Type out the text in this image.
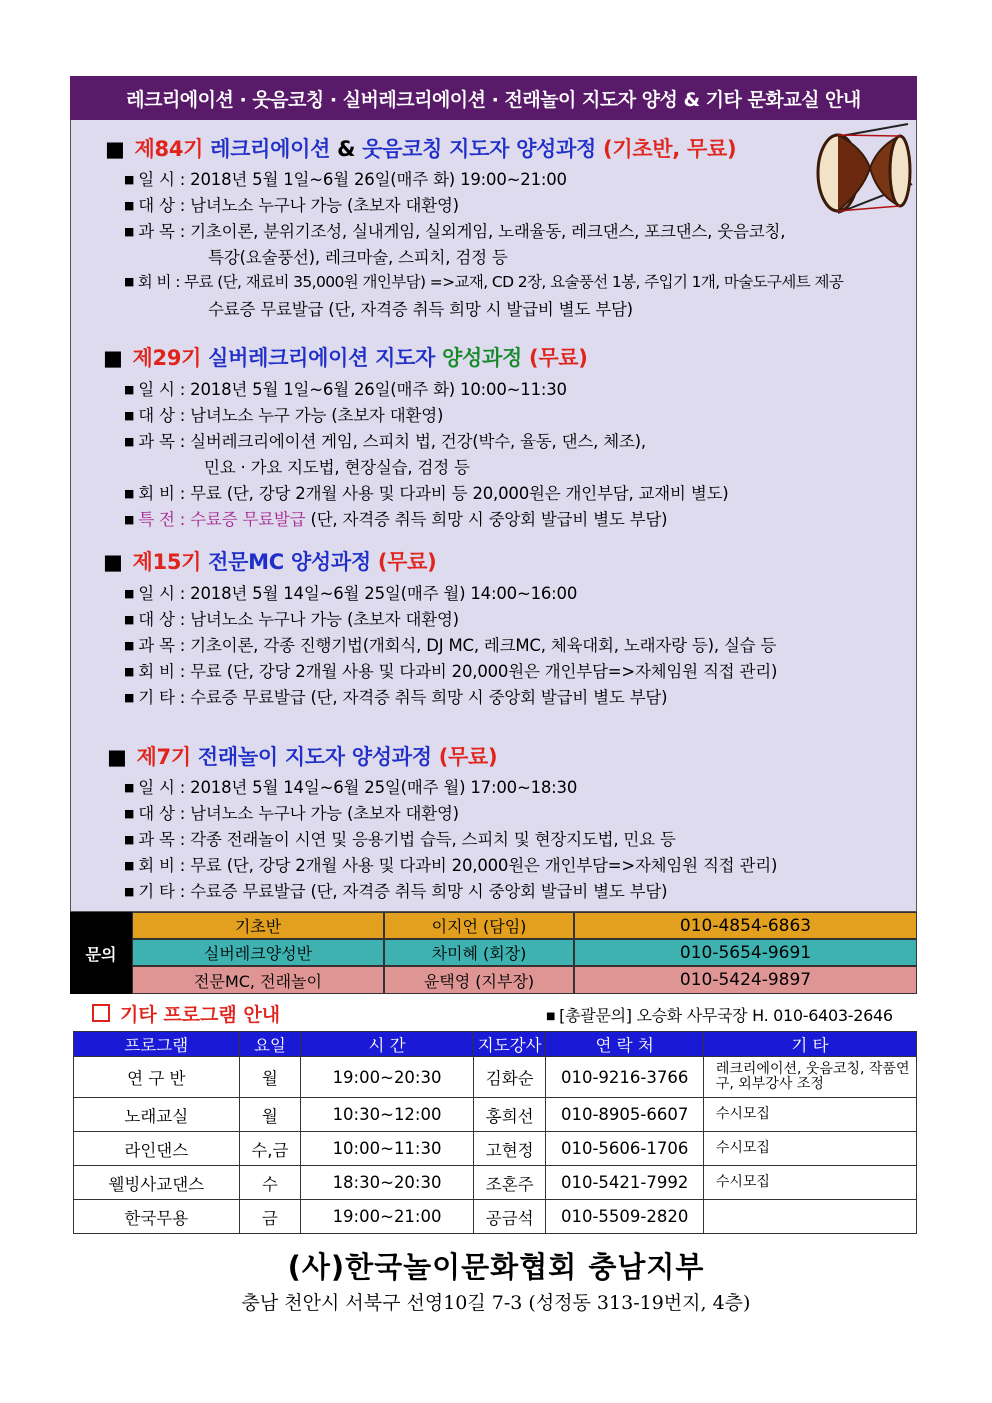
레크리에이션 · 웃음코칭 · 실버레크리에이션 · 전래놀이 지도자 양성 & 기타 문화교실 안내
■ 제84기 레크리에이션 & 웃음코칭 지도자 양성과정 (기초반, 무료)
■ 일 시 : 2018년 5월 1일~6월 26일(매주 화) 19:00~21:00
■ 대 상 : 남녀노소 누구나 가능 (초보자 대환영)
■ 과 목 : 기초이론, 분위기조성, 실내게임, 실외게임, 노래율동, 레크댄스, 포크댄스, 웃음코칭,
특강(요술풍선), 레크마술, 스피치, 검정 등
■ 회 비 : 무료 (단, 재료비 35,000원 개인부담) =>교재, CD 2장, 요술풍선 1봉, 주입기 1개, 마술도구세트 제공
수료증 무료발급 (단, 자격증 취득 희망 시 발급비 별도 부담)
■ 제29기 실버레크리에이션 지도자 양성과정 (무료)
■ 일 시 : 2018년 5월 1일~6월 26일(매주 화) 10:00~11:30
■ 대 상 : 남녀노소 누구 가능 (초보자 대환영)
■ 과 목 : 실버레크리에이션 게임, 스피치 법, 건강(박수, 율동, 댄스, 체조),
민요 · 가요 지도법, 현장실습, 검정 등
■ 회 비 : 무료 (단, 강당 2개월 사용 및 다과비 등 20,000원은 개인부담, 교재비 별도)
■ 특 전 : 수료증 무료발급 (단, 자격증 취득 희망 시 중앙회 발급비 별도 부담)
■ 제15기 전문MC 양성과정 (무료)
■ 일 시 : 2018년 5월 14일~6월 25일(매주 월) 14:00~16:00
■ 대 상 : 남녀노소 누구나 가능 (초보자 대환영)
■ 과 목 : 기초이론, 각종 진행기법(개회식, DJ MC, 레크MC, 체육대회, 노래자랑 등), 실습 등
■ 회 비 : 무료 (단, 강당 2개월 사용 및 다과비 20,000원은 개인부담=>자체임원 직접 관리)
■ 기 타 : 수료증 무료발급 (단, 자격증 취득 희망 시 중앙회 발급비 별도 부담)
■ 제7기 전래놀이 지도자 양성과정 (무료)
■ 일 시 : 2018년 5월 14일~6월 25일(매주 월) 17:00~18:30
■ 대 상 : 남녀노소 누구나 가능 (초보자 대환영)
■ 과 목 : 각종 전래놀이 시연 및 응용기법 습득, 스피치 및 현장지도법, 민요 등
■ 회 비 : 무료 (단, 강당 2개월 사용 및 다과비 20,000원은 개인부담=>자체임원 직접 관리)
■ 기 타 : 수료증 무료발급 (단, 자격증 취득 희망 시 중앙회 발급비 별도 부담)
문의
기초반	이지언 (담임)	010-4854-6863
실버레크양성반	차미혜 (회장)	010-5654-9691
전문MC, 전래놀이	윤택영 (지부장)	010-5424-9897
기타 프로그램 안내	■ [총괄문의] 오승화 사무국장 H. 010-6403-2646
프로그램	요일	시 간	지도강사	연 락 처	기 타
연 구 반	월	19:00~20:30	김화순	010-9216-3766	레크리에이션, 웃음코칭, 작품연구, 외부강사 조정
노래교실	월	10:30~12:00	홍희선	010-8905-6607	수시모집
라인댄스	수,금	10:00~11:30	고현정	010-5606-1706	수시모집
웰빙사교댄스	수	18:30~20:30	조혼주	010-5421-7992	수시모집
한국무용	금	19:00~21:00	공금석	010-5509-2820	
(사)한국놀이문화협회 충남지부
충남 천안시 서북구 선영10길 7-3 (성정동 313-19번지, 4층)
